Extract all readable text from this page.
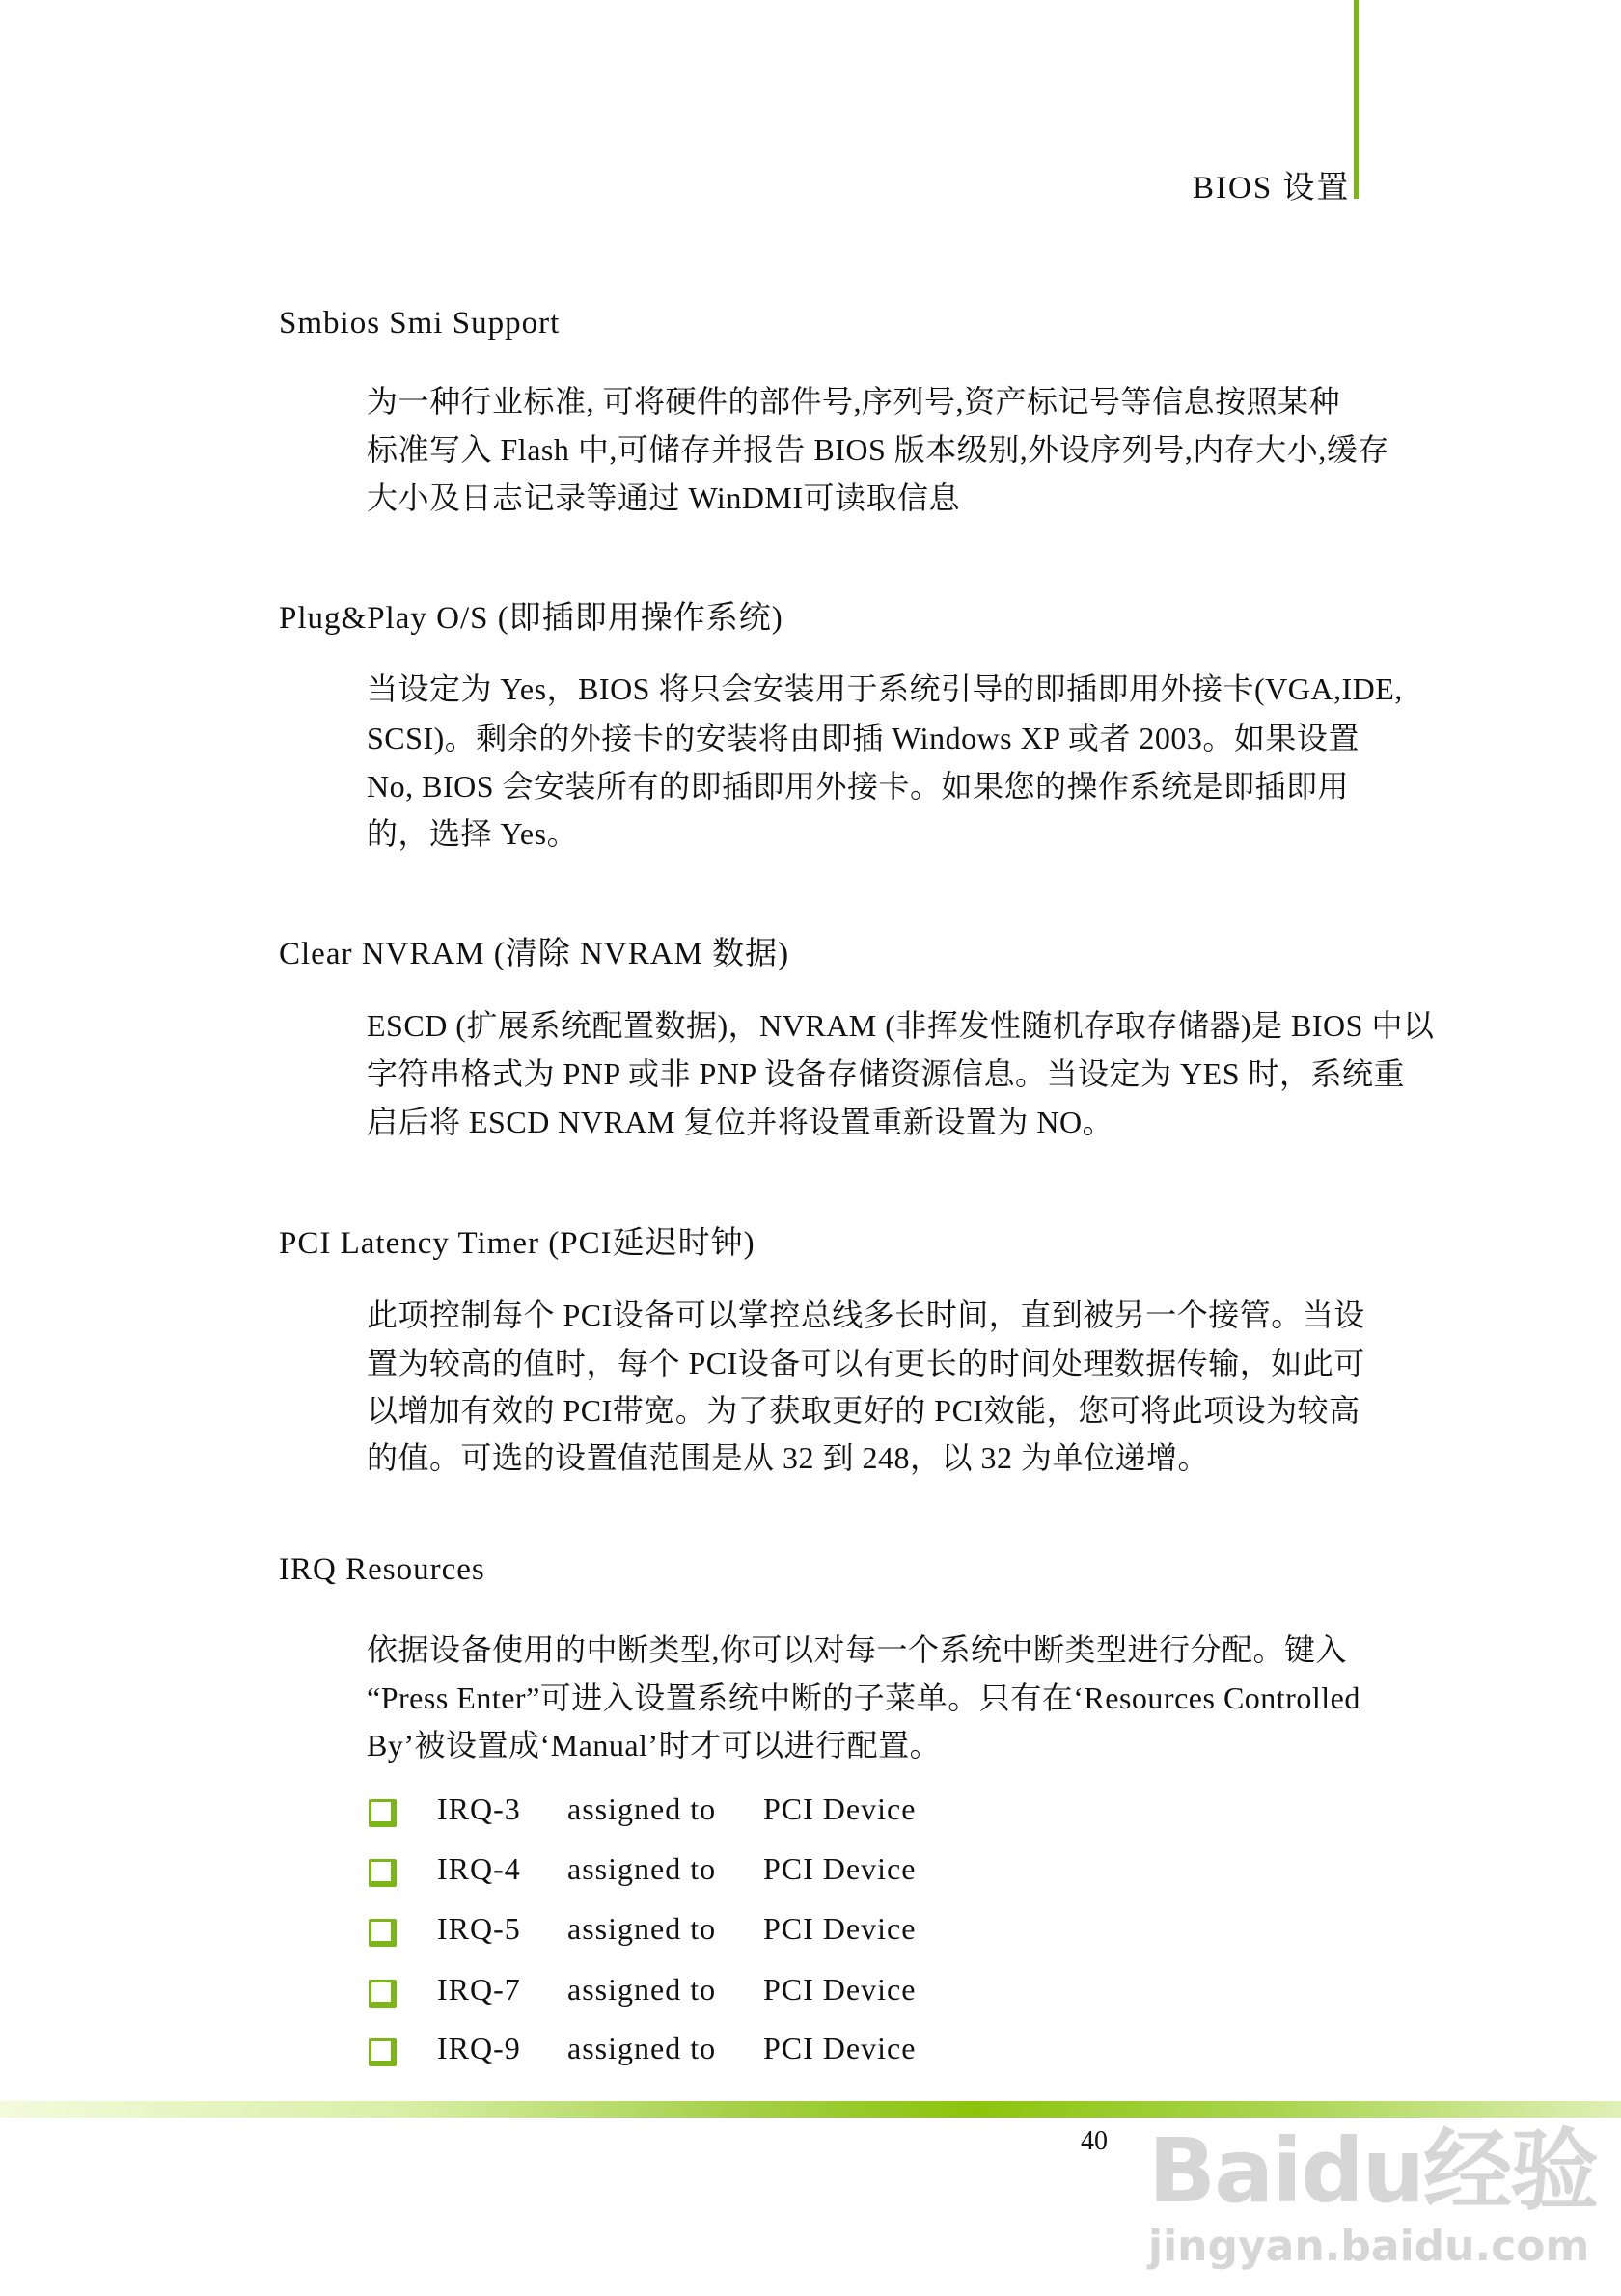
BIOS 设置
Smbios Smi Support
为一种行业标准, 可将硬件的部件号,序列号,资产标记号等信息按照某种
标准写入 Flash 中,可储存并报告 BIOS 版本级别,外设序列号,内存大小,缓存
大小及日志记录等通过 WinDMI可读取信息
Plug&Play O/S (即插即用操作系统)
当设定为 Yes，BIOS 将只会安装用于系统引导的即插即用外接卡(VGA,IDE,
SCSI)。剩余的外接卡的安装将由即插 Windows XP 或者 2003。如果设置
No, BIOS 会安装所有的即插即用外接卡。如果您的操作系统是即插即用
的，选择 Yes。
Clear NVRAM (清除 NVRAM 数据)
ESCD (扩展系统配置数据)，NVRAM (非挥发性随机存取存储器)是 BIOS 中以
字符串格式为 PNP 或非 PNP 设备存储资源信息。当设定为 YES 时，系统重
启后将 ESCD NVRAM 复位并将设置重新设置为 NO。
PCI Latency Timer (PCI延迟时钟)
此项控制每个 PCI设备可以掌控总线多长时间，直到被另一个接管。当设
置为较高的值时，每个 PCI设备可以有更长的时间处理数据传输，如此可
以增加有效的 PCI带宽。为了获取更好的 PCI效能，您可将此项设为较高
的值。可选的设置值范围是从 32 到 248，以 32 为单位递增。
IRQ Resources
依据设备使用的中断类型,你可以对每一个系统中断类型进行分配。键入
“Press Enter”可进入设置系统中断的子菜单。只有在‘Resources Controlled
By’被设置成‘Manual’时才可以进行配置。
IRQ-3 assigned to PCI Device
IRQ-4 assigned to PCI Device
IRQ-5 assigned to PCI Device
IRQ-7 assigned to PCI Device
IRQ-9 assigned to PCI Device
Baidu经验
jingyan.baidu.com
40
